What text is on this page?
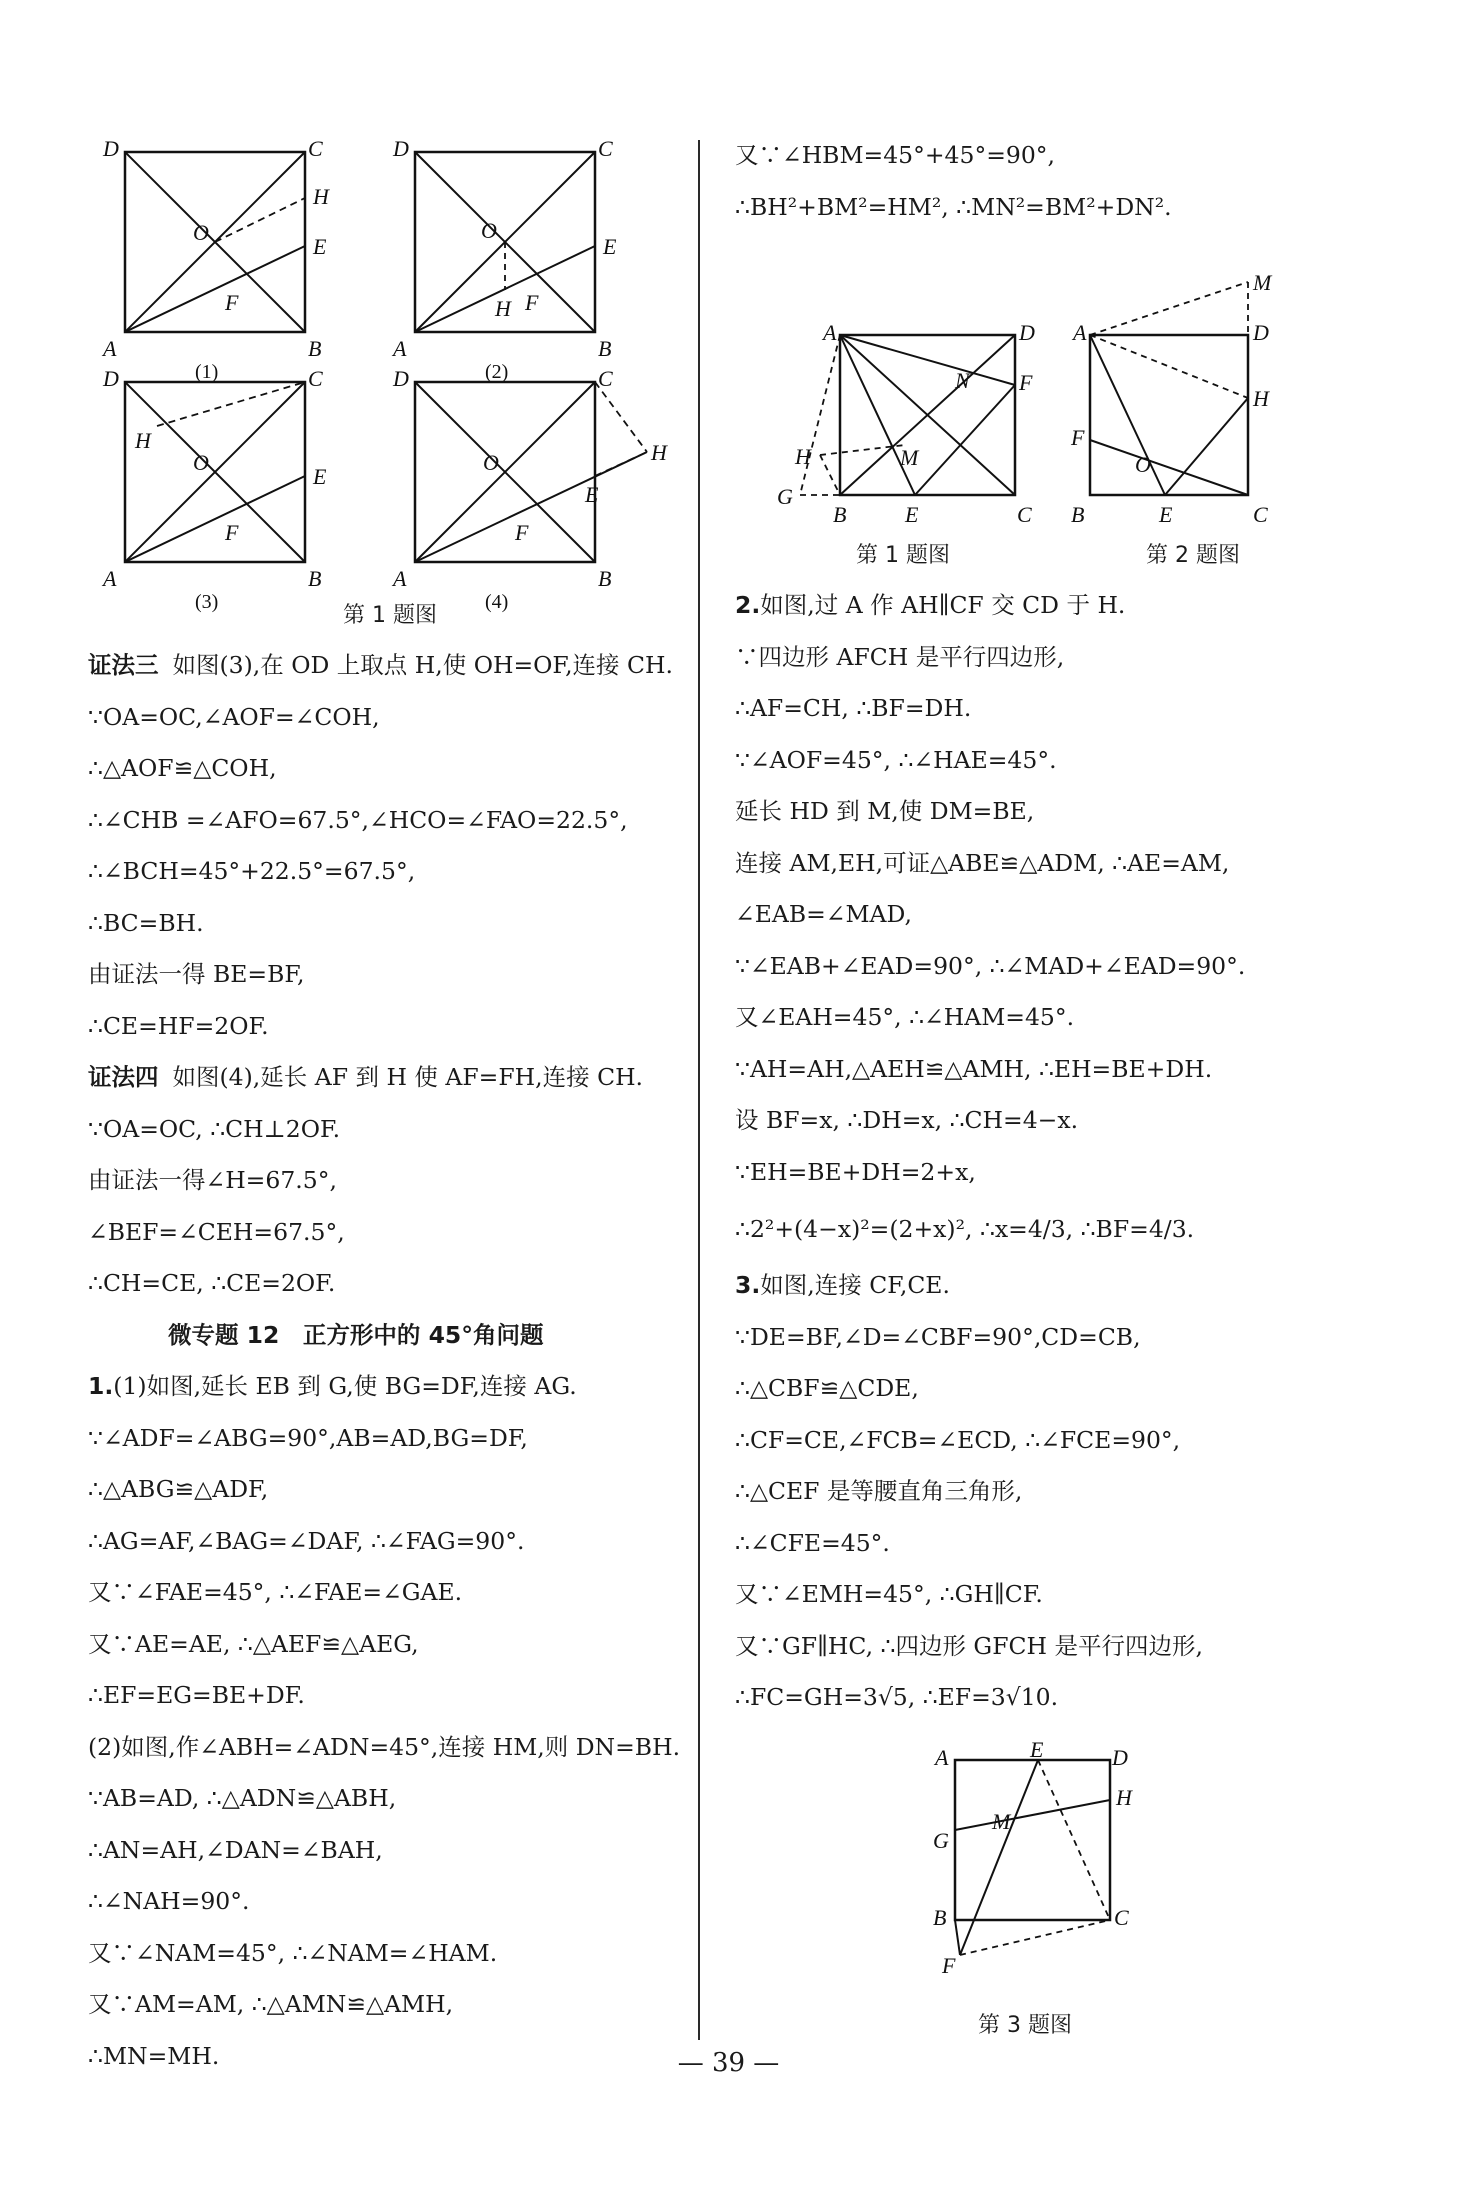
D	C
A	B
O
H
E
F
(1)
D	C
A	B
O
E
F
H
(2)
D	C
A	B
H
O
E
F
(3)
D	C
A	B
H
O
E
F
(4)
第 1 题图
证法三 如图(3),在 OD 上取点 H,使 OH=OF,连接 CH.
∵OA=OC,∠AOF=∠COH,
∴△AOF≌△COH,
∴∠CHB =∠AFO=67.5°,∠HCO=∠FAO=22.5°,
∴∠BCH=45°+22.5°=67.5°,
∴BC=BH.
由证法一得 BE=BF,
∴CE=HF=2OF.
证法四 如图(4),延长 AF 到 H 使 AF=FH,连接 CH.
∵OA=OC, ∴CH⊥2OF.
由证法一得∠H=67.5°,
∠BEF=∠CEH=67.5°,
∴CH=CE, ∴CE=2OF.
微专题 12　正方形中的 45°角问题
1.(1)如图,延长 EB 到 G,使 BG=DF,连接 AG.
∵∠ADF=∠ABG=90°,AB=AD,BG=DF,
∴△ABG≌△ADF,
∴AG=AF,∠BAG=∠DAF, ∴∠FAG=90°.
又∵∠FAE=45°, ∴∠FAE=∠GAE.
又∵AE=AE, ∴△AEF≌△AEG,
∴EF=EG=BE+DF.
(2)如图,作∠ABH=∠ADN=45°,连接 HM,则 DN=BH.
∵AB=AD, ∴△ADN≌△ABH,
∴AN=AH,∠DAN=∠BAH,
∴∠NAH=90°.
又∵∠NAM=45°, ∴∠NAM=∠HAM.
又∵AM=AM, ∴△AMN≌△AMH,
∴MN=MH.
又∵∠HBM=45°+45°=90°,
∴BH²+BM²=HM², ∴MN²=BM²+DN².
A	D
F
N
H	M
G
B	E	C
M
A	D
H
F
O
B	E	C
第 1 题图	第 2 题图
2.如图,过 A 作 AH∥CF 交 CD 于 H.
∵四边形 AFCH 是平行四边形,
∴AF=CH, ∴BF=DH.
∵∠AOF=45°, ∴∠HAE=45°.
延长 HD 到 M,使 DM=BE,
连接 AM,EH,可证△ABE≌△ADM, ∴AE=AM,
∠EAB=∠MAD,
∵∠EAB+∠EAD=90°, ∴∠MAD+∠EAD=90°.
又∠EAH=45°, ∴∠HAM=45°.
∵AH=AH,△AEH≌△AMH, ∴EH=BE+DH.
设 BF=x, ∴DH=x, ∴CH=4−x.
∵EH=BE+DH=2+x,
∴2²+(4−x)²=(2+x)², ∴x=4/3, ∴BF=4/3.
3.如图,连接 CF,CE.
∵DE=BF,∠D=∠CBF=90°,CD=CB,
∴△CBF≌△CDE,
∴CF=CE,∠FCB=∠ECD, ∴∠FCE=90°,
∴△CEF 是等腰直角三角形,
∴∠CFE=45°.
又∵∠EMH=45°, ∴GH∥CF.
又∵GF∥HC, ∴四边形 GFCH 是平行四边形,
∴FC=GH=3√5, ∴EF=3√10.
A	E	D
H
M
G
B	C
F
第 3 题图
— 39 —
